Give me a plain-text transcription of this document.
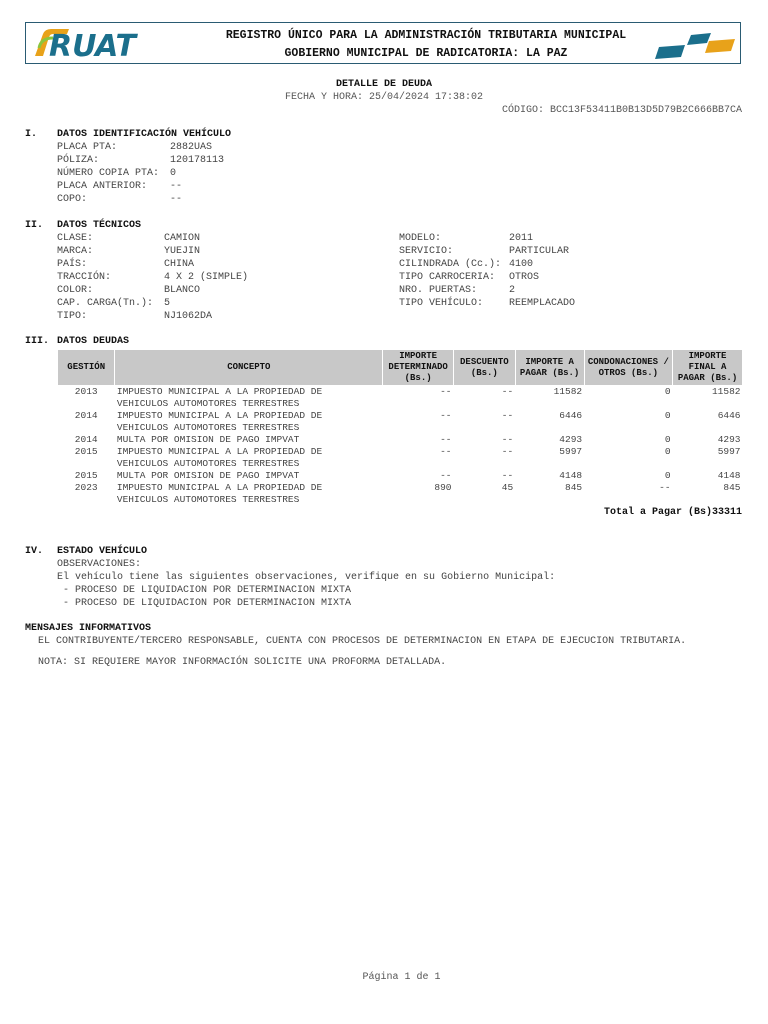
RUAT	REGISTRO ÚNICO PARA LA ADMINISTRACIÓN TRIBUTARIA MUNICIPAL
GOBIERNO MUNICIPAL DE RADICATORIA: LA PAZ
DETALLE DE DEUDA
FECHA Y HORA: 25/04/2024 17:38:02
CÓDIGO: BCC13F53411B0B13D5D79B2C666BB7CA
I. DATOS IDENTIFICACIÓN VEHÍCULO
PLACA PTA:	2882UAS
PÓLIZA:	120178113
NÚMERO COPIA PTA: 0
PLACA ANTERIOR: --
COPO:	--
II. DATOS TÉCNICOS
CLASE:	CAMION
MARCA:	YUEJIN
PAÍS:	CHINA
TRACCIÓN:	4 X 2 (SIMPLE)
COLOR:	BLANCO
CAP. CARGA(Tn.): 5
TIPO:	NJ1062DA
MODELO:	2011
SERVICIO:	PARTICULAR
CILINDRADA (Cc.): 4100
TIPO CARROCERIA: OTROS
NRO. PUERTAS:	2
TIPO VEHÍCULO:	REEMPLACADO
III. DATOS DEUDAS
GESTIÓN	CONCEPTO	IMPORTE DETERMINADO (Bs.)	DESCUENTO (Bs.)	IMPORTE A PAGAR (Bs.)	CONDONACIONES / OTROS (Bs.)	IMPORTE FINAL A PAGAR (Bs.)
2013	IMPUESTO MUNICIPAL A LA PROPIEDAD DE
VEHICULOS AUTOMOTORES TERRESTRES	--	--	11582	0	11582
2014	IMPUESTO MUNICIPAL A LA PROPIEDAD DE
VEHICULOS AUTOMOTORES TERRESTRES	--	--	6446	0	6446
2014	MULTA POR OMISION DE PAGO IMPVAT	--	--	4293	0	4293
2015	IMPUESTO MUNICIPAL A LA PROPIEDAD DE
VEHICULOS AUTOMOTORES TERRESTRES	--	--	5997	0	5997
2015	MULTA POR OMISION DE PAGO IMPVAT	--	--	4148	0	4148
2023	IMPUESTO MUNICIPAL A LA PROPIEDAD DE
VEHICULOS AUTOMOTORES TERRESTRES	890	45	845	--	845
Total a Pagar (Bs) 33311
IV. ESTADO VEHÍCULO
OBSERVACIONES:
El vehículo tiene las siguientes observaciones, verifique en su Gobierno Municipal:
- PROCESO DE LIQUIDACION POR DETERMINACION MIXTA
- PROCESO DE LIQUIDACION POR DETERMINACION MIXTA
MENSAJES INFORMATIVOS
EL CONTRIBUYENTE/TERCERO RESPONSABLE, CUENTA CON PROCESOS DE DETERMINACION EN ETAPA DE EJECUCION TRIBUTARIA.
NOTA: SI REQUIERE MAYOR INFORMACIÓN SOLICITE UNA PROFORMA DETALLADA.
Página 1 de 1
